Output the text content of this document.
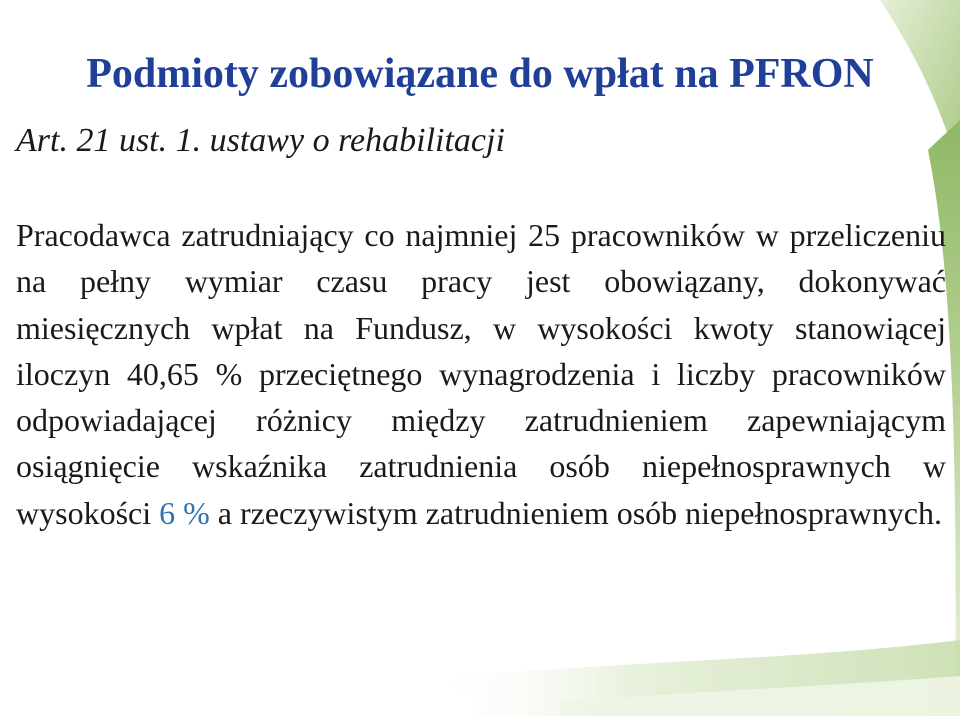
Podmioty zobowiązane do wpłat na PFRON
Art. 21 ust. 1. ustawy o rehabilitacji

Pracodawca zatrudniający co najmniej 25 pracowników w przeliczeniu na pełny wymiar czasu pracy jest obowiązany, dokonywać miesięcznych wpłat na Fundusz, w wysokości kwoty stanowiącej iloczyn 40,65 % przeciętnego wynagrodzenia i liczby pracowników odpowiadającej różnicy między zatrudnieniem zapewniającym osiągnięcie wskaźnika zatrudnienia osób niepełnosprawnych w wysokości 6 % a rzeczywistym zatrudnieniem osób niepełnosprawnych.
